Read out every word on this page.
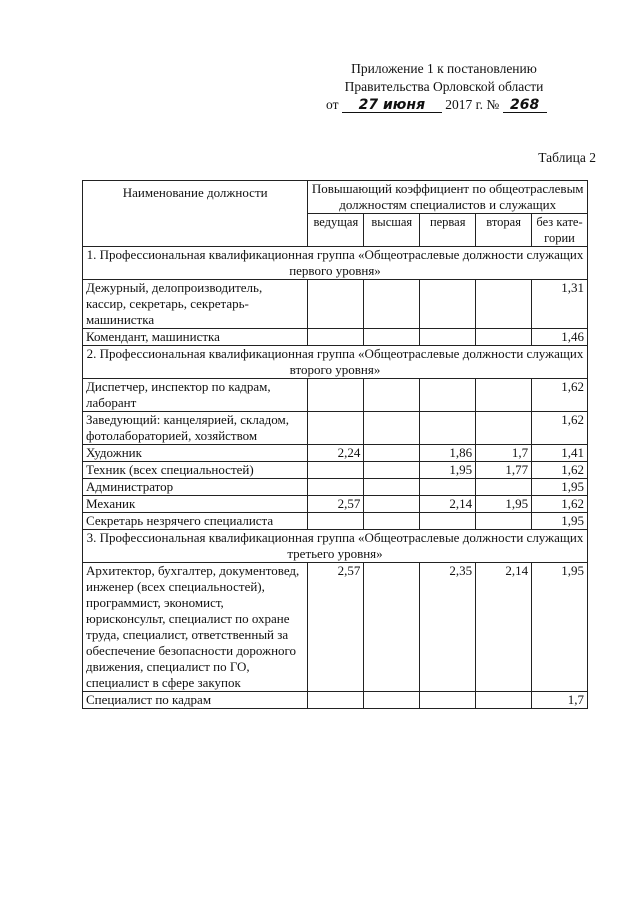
Приложение 1 к постановлению
Правительства Орловской области
от 27 июня 2017 г. № 268
Таблица 2
Наименование должности	Повышающий коэффициент по общеотраслевым должностям специалистов и служащих				
	ведущая	высшая	первая	вторая	без кате-гории
1. Профессиональная квалификационная группа «Общеотраслевые должности служащих первого уровня»					
Дежурный, делопроизводитель, кассир, секретарь, секретарь-машинистка					1,31
Комендант, машинистка					1,46
2. Профессиональная квалификационная группа «Общеотраслевые должности служащих второго уровня»					
Диспетчер, инспектор по кадрам, лаборант					1,62
Заведующий: канцелярией, складом, фотолабораторией, хозяйством					1,62
Художник	2,24		1,86	1,7	1,41
Техник (всех специальностей)			1,95	1,77	1,62
Администратор					1,95
Механик	2,57		2,14	1,95	1,62
Секретарь незрячего специалиста					1,95
3. Профессиональная квалификационная группа «Общеотраслевые должности служащих третьего уровня»					
Архитектор, бухгалтер, документовед, инженер (всех специальностей), программист, экономист, юрисконсульт, специалист по охране труда, специалист, ответственный за обеспечение безопасности дорожного движения, специалист по ГО, специалист в сфере закупок	2,57		2,35	2,14	1,95
Специалист по кадрам					1,7
